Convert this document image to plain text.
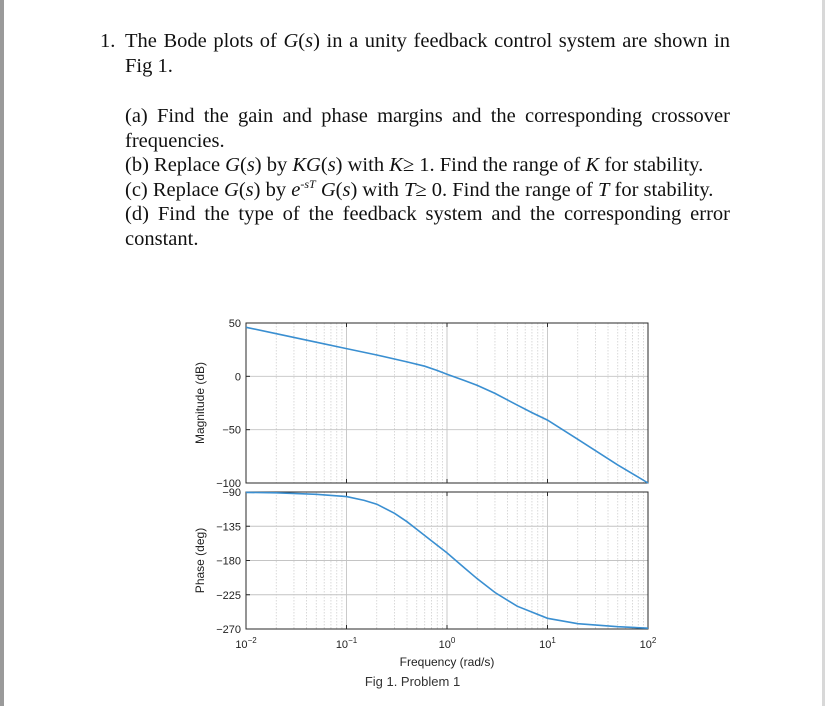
1. The Bode plots of G(s) in a unity feedback control system are shown in Fig 1.
(a) Find the gain and phase margins and the corresponding crossover frequencies.
(b) Replace G(s) by KG(s) with K≥ 1. Find the range of K for stability.
(c) Replace G(s) by $e^{-sT}$ G(s) with T≥ 0. Find the range of T for stability.
(d) Find the type of the feedback system and the corresponding error constant.
50
0
−50
−100
Magnitude (dB)
−90
−135
−180
−225
−270
Phase (deg)
$10^{-2}$	$10^{-1}$	$10^0$	$10^1$	$10^2$
Frequency (rad/s)
Fig 1. Problem 1
